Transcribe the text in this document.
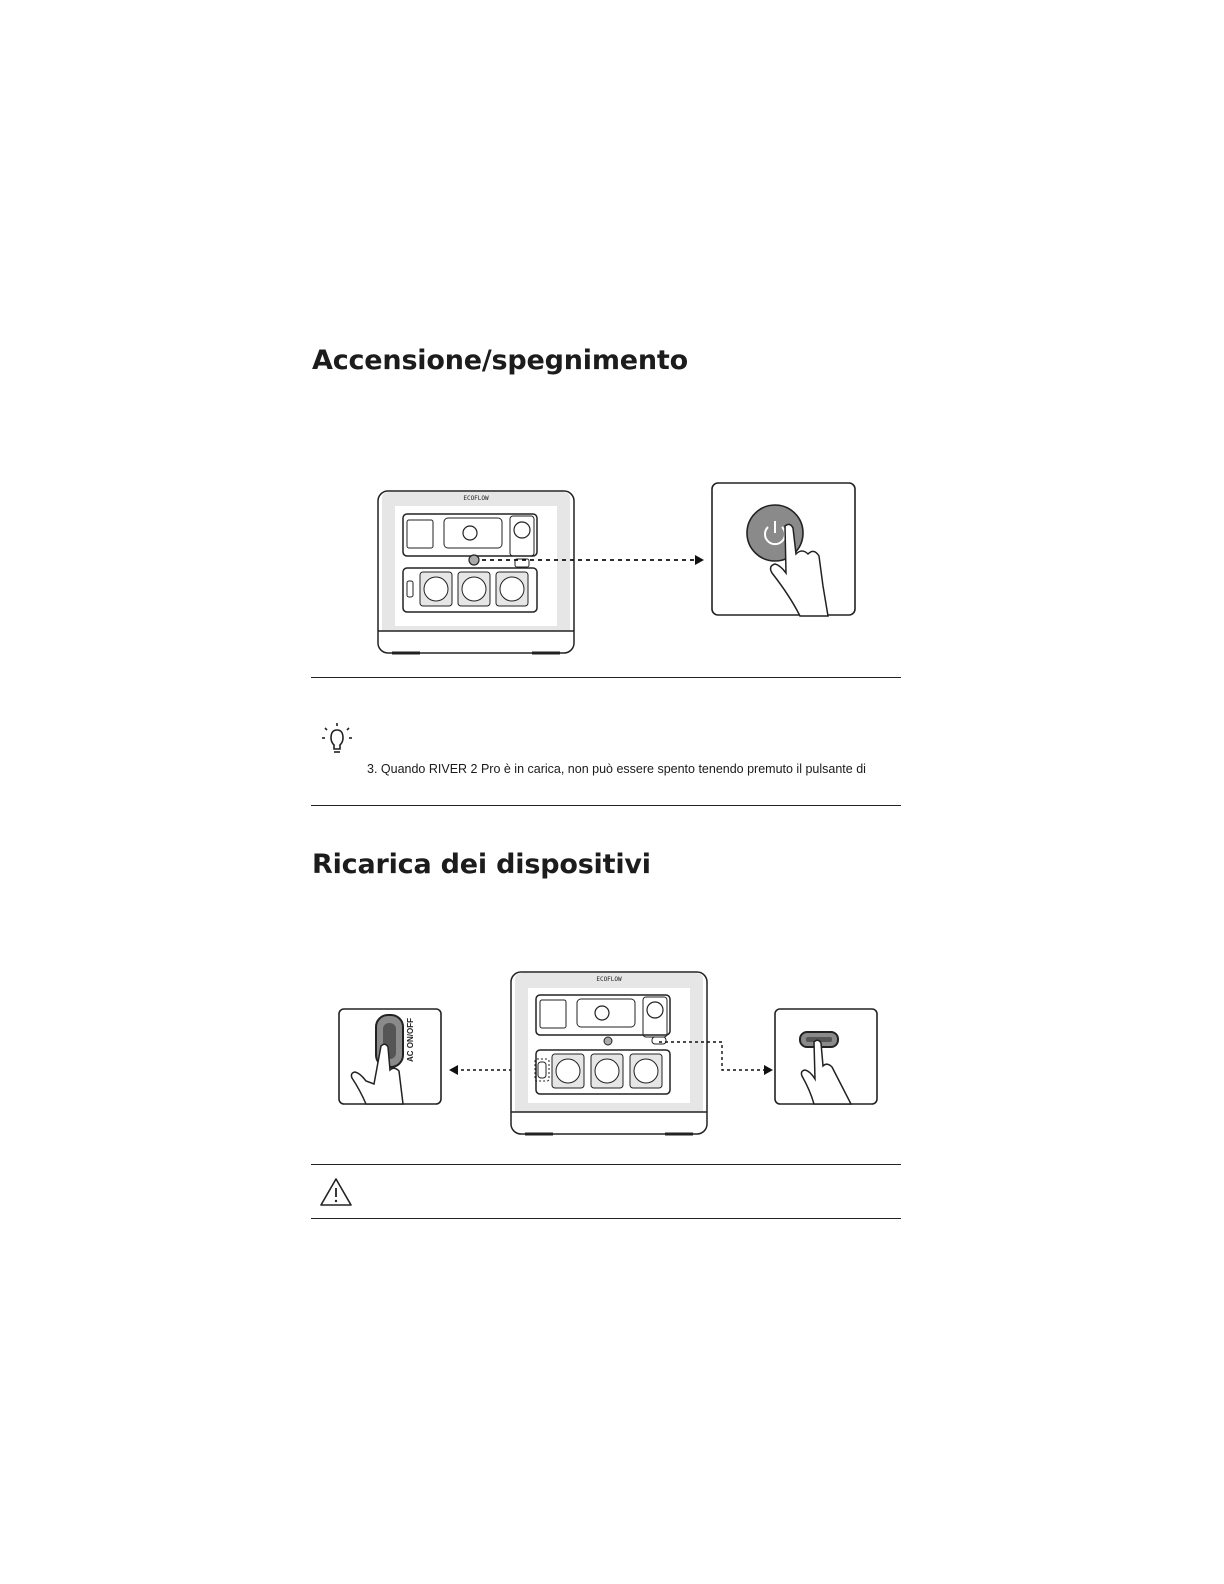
Accensione/spegnimento
ECOFLOW
3. Quando RIVER 2 Pro è in carica, non può essere spento tenendo premuto il pulsante di
Ricarica dei dispositivi
AC ON/OFF
ECOFLOW
